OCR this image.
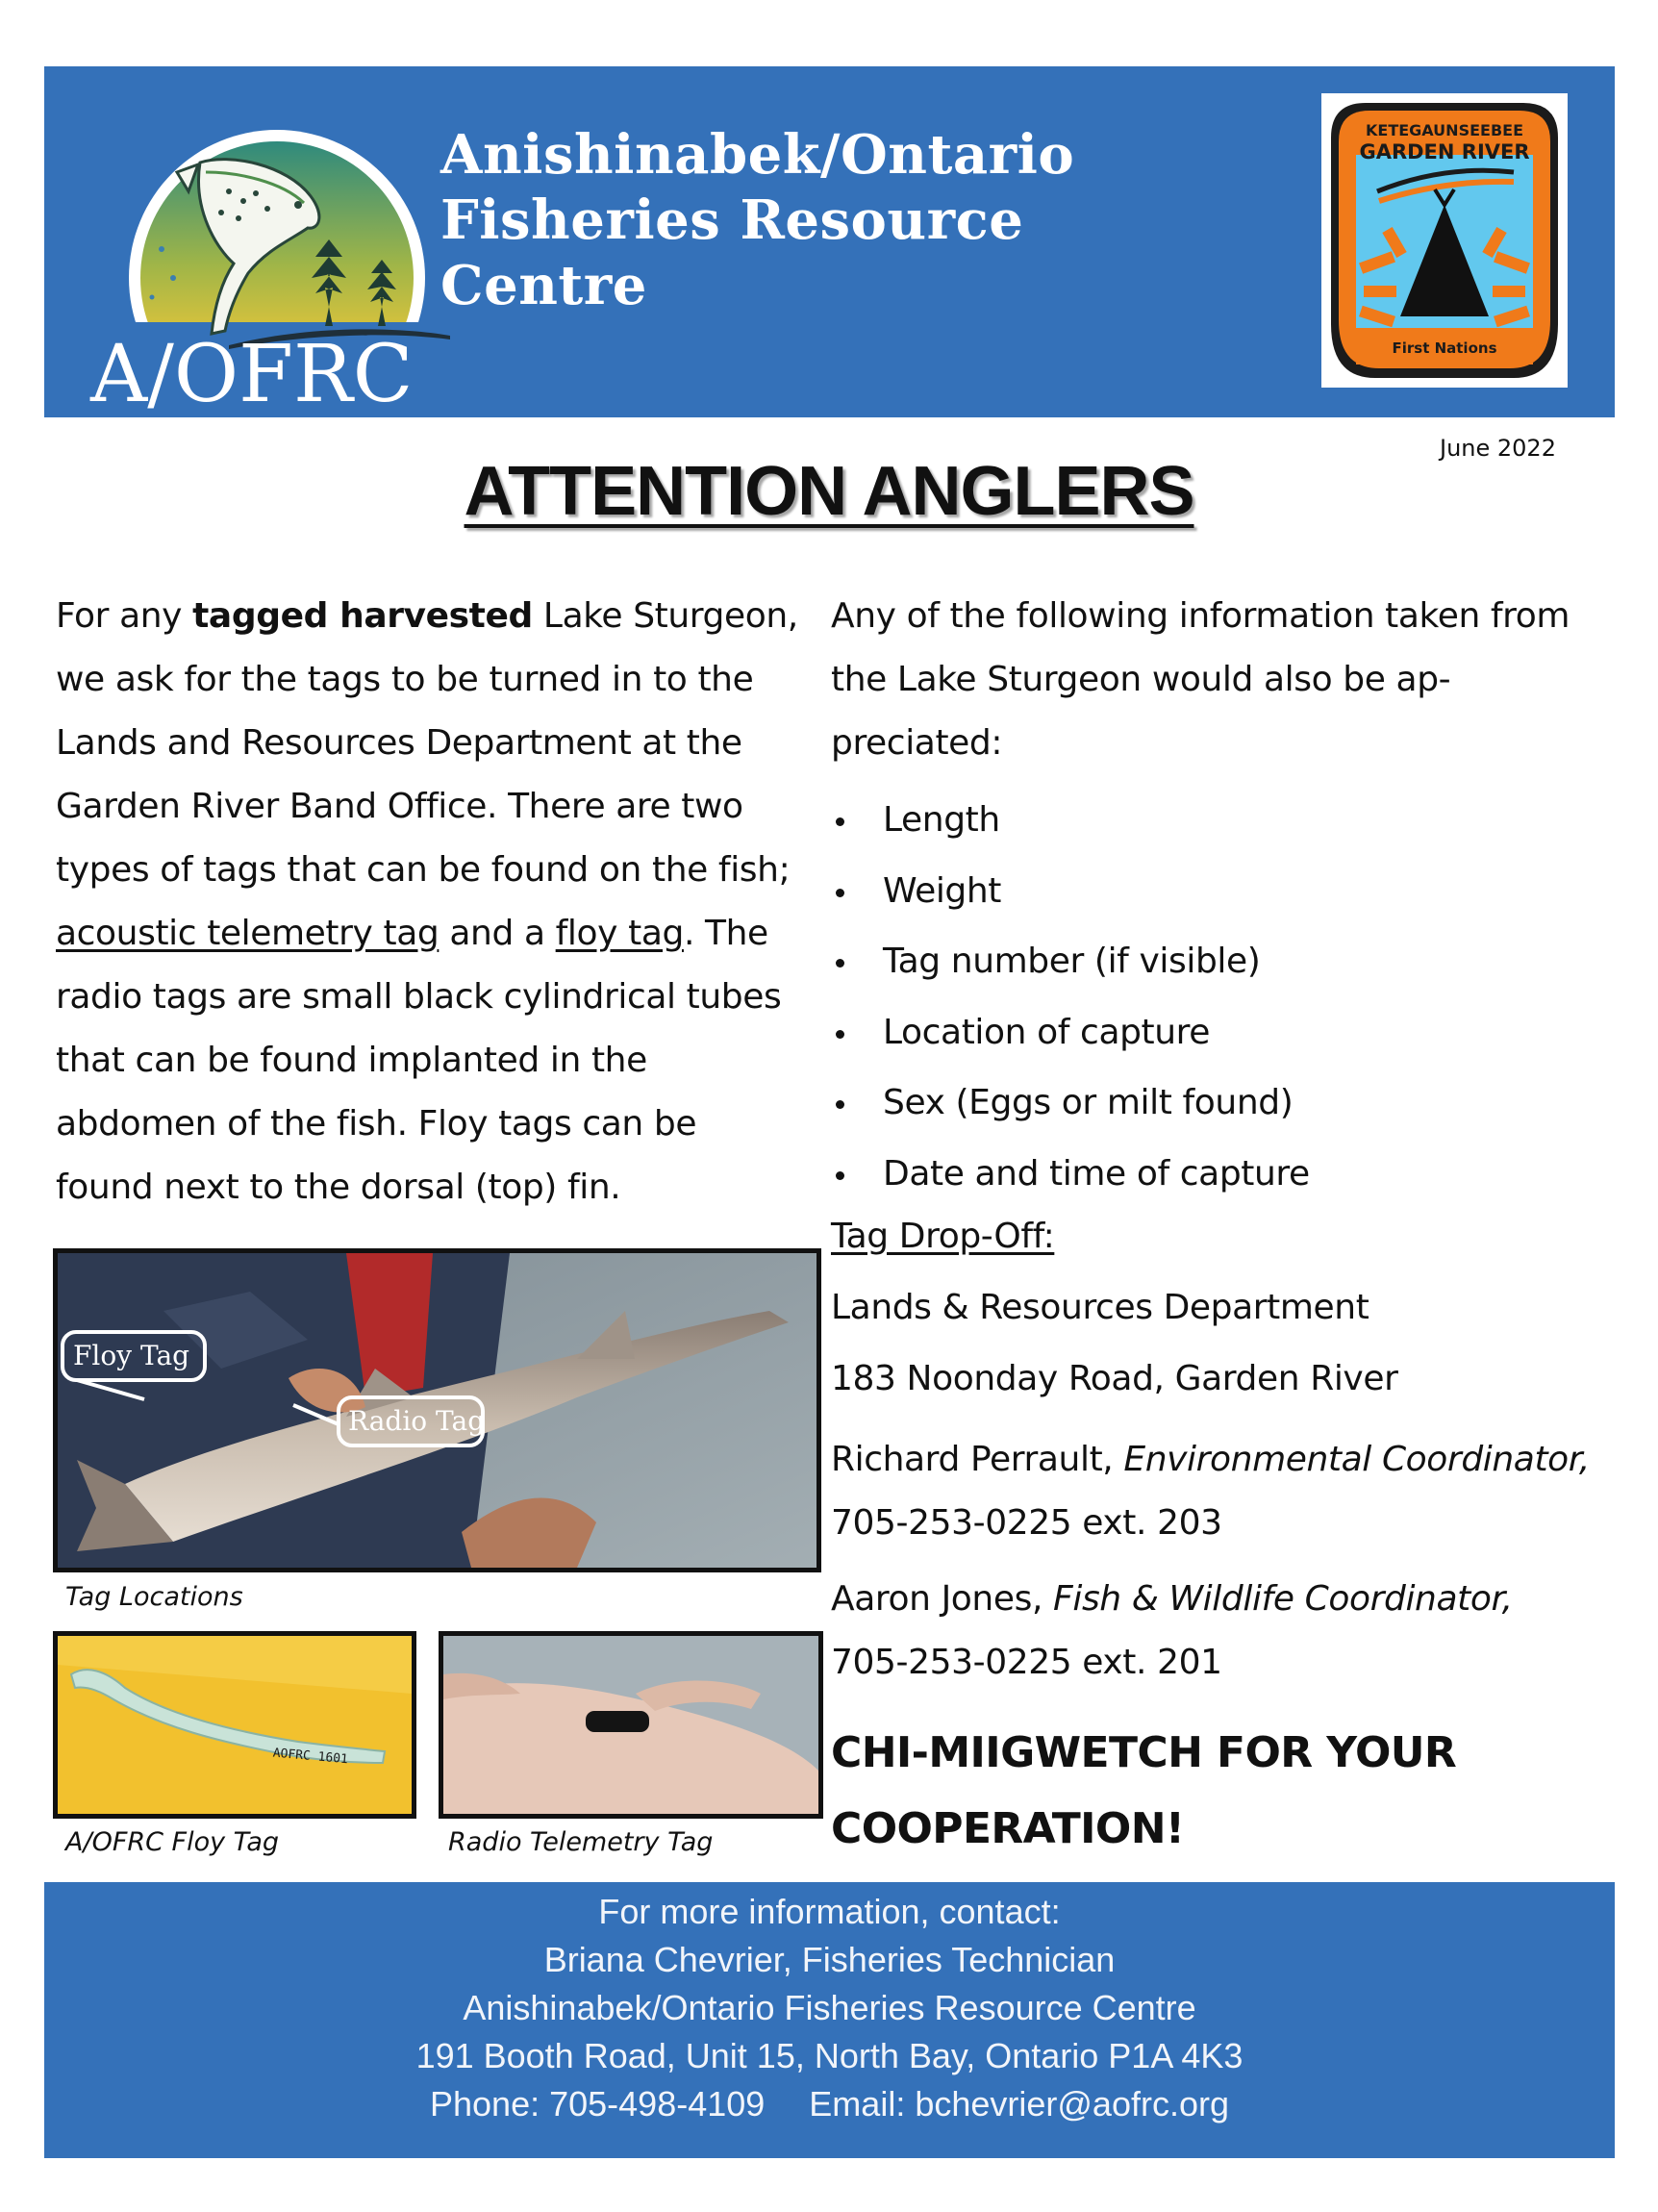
A/OFRC
Anishinabek/Ontario
Fisheries Resource
Centre
KETEGAUNSEEBEE
GARDEN RIVER
First Nations
June 2022
ATTENTION ANGLERS
For any tagged harvested Lake Sturgeon, we ask for the tags to be turned in to the Lands and Resources Department at the Garden River Band Office. There are two types of tags that can be found on the fish; acoustic telemetry tag and a floy tag. The radio tags are small black cylindrical tubes that can be found implanted in the abdomen of the fish. Floy tags can be found next to the dorsal (top) fin.
Floy Tag
Radio Tag
Tag Locations
AOFRC 1601
A/OFRC Floy Tag	Radio Telemetry Tag
Any of the following information taken from the Lake Sturgeon would also be ap-preciated:
Length
Weight
Tag number (if visible)
Location of capture
Sex (Eggs or milt found)
Date and time of capture
Tag Drop-Off:
Lands & Resources Department
183 Noonday Road, Garden River
Richard Perrault, Environmental Coordinator, 705-253-0225 ext. 203
Aaron Jones, Fish & Wildlife Coordinator, 705-253-0225 ext. 201
CHI-MIIGWETCH FOR YOUR COOPERATION!
For more information, contact:
Briana Chevrier, Fisheries Technician
Anishinabek/Ontario Fisheries Resource Centre
191 Booth Road, Unit 15, North Bay, Ontario P1A 4K3
Phone: 705-498-4109 Email: bchevrier@aofrc.org
